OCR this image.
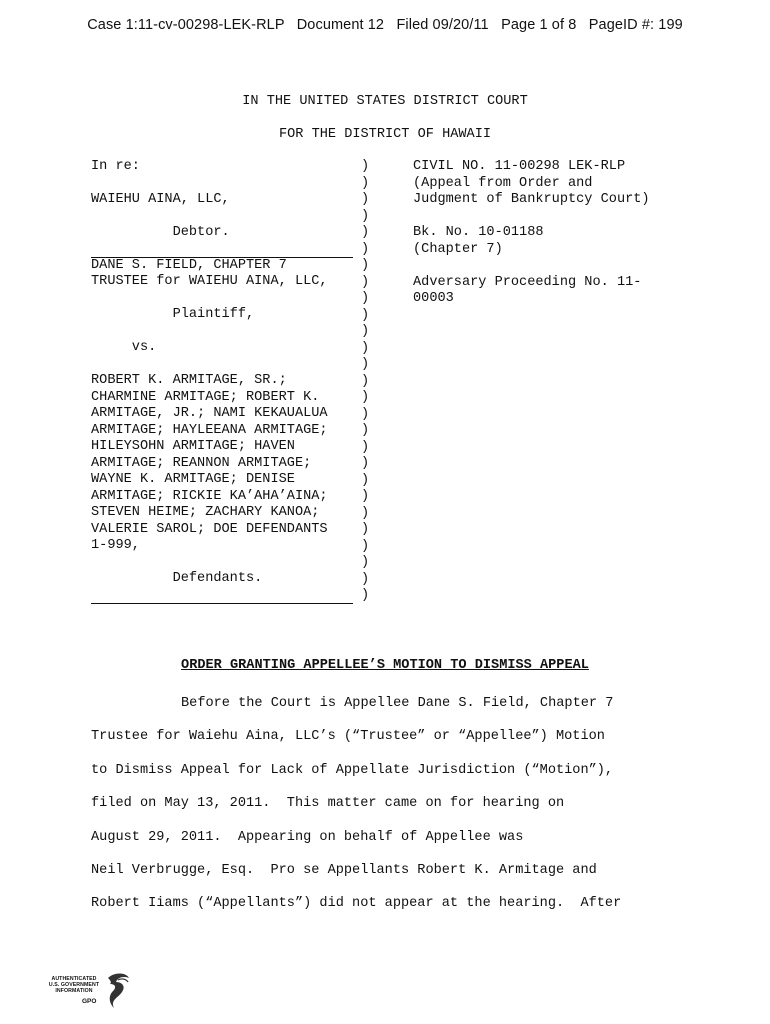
Case 1:11-cv-00298-LEK-RLP Document 12 Filed 09/20/11 Page 1 of 8 PageID #: 199
IN THE UNITED STATES DISTRICT COURT
FOR THE DISTRICT OF HAWAII
In re:
WAIEHU AINA, LLC,
Debtor.
DANE S. FIELD, CHAPTER 7
TRUSTEE for WAIEHU AINA, LLC,
Plaintiff,
vs.
ROBERT K. ARMITAGE, SR.;
CHARMINE ARMITAGE; ROBERT K.
ARMITAGE, JR.; NAMI KEKAUALUA
ARMITAGE; HAYLEEANA ARMITAGE;
HILEYSOHN ARMITAGE; HAVEN
ARMITAGE; REANNON ARMITAGE;
WAYNE K. ARMITAGE; DENISE
ARMITAGE; RICKIE KA’AHA’AINA;
STEVEN HEIME; ZACHARY KANOA;
VALERIE SAROL; DOE DEFENDANTS
1-999,
Defendants.
)
)
)
)
)
)
)
)
)
)
)
)
)
)
)
)
)
)
)
)
)
)
)
)
)
)
)
CIVIL NO. 11-00298 LEK-RLP
(Appeal from Order and
Judgment of Bankruptcy Court)
Bk. No. 10-01188
(Chapter 7)
Adversary Proceeding No. 11-
00003
ORDER GRANTING APPELLEE’S MOTION TO DISMISS APPEAL
Before the Court is Appellee Dane S. Field, Chapter 7
Trustee for Waiehu Aina, LLC’s (“Trustee” or “Appellee”) Motion
to Dismiss Appeal for Lack of Appellate Jurisdiction (“Motion”),
filed on May 13, 2011.  This matter came on for hearing on
August 29, 2011.  Appearing on behalf of Appellee was
Neil Verbrugge, Esq.  Pro se Appellants Robert K. Armitage and
Robert Iiams (“Appellants”) did not appear at the hearing.  After
AUTHENTICATED
U.S. GOVERNMENT
INFORMATION
GPO
